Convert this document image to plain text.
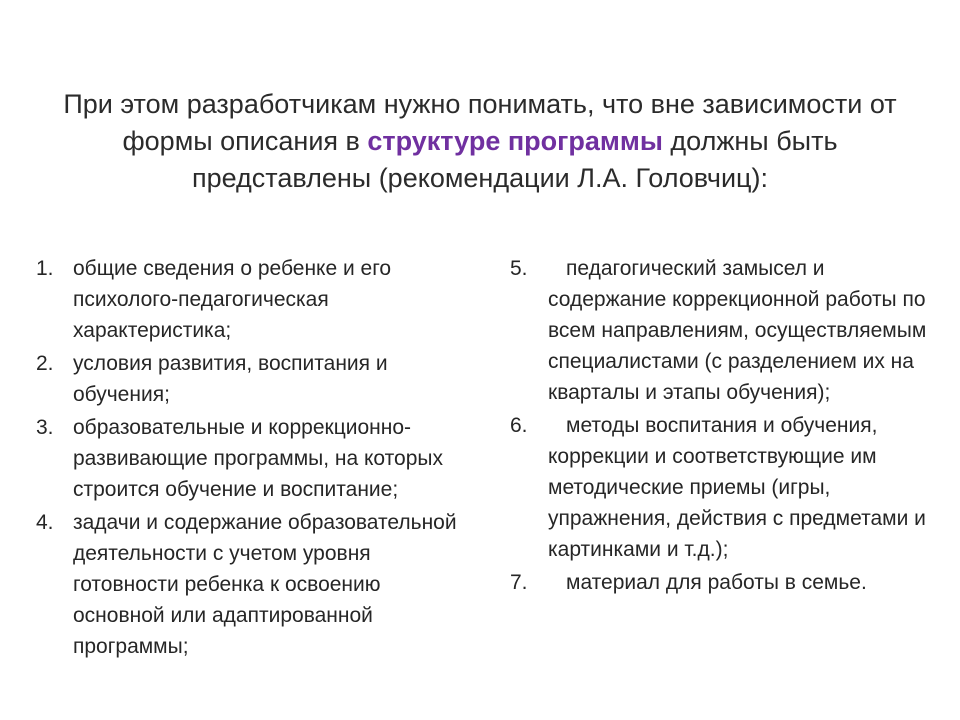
При этом разработчикам нужно понимать, что вне зависимости от формы описания в структуре программы должны быть представлены (рекомендации Л.А. Головчиц):
1. общие сведения о ребенке и его психолого-педагогическая характеристика;
2. условия развития, воспитания и обучения;
3. образовательные и коррекционно-развивающие программы, на которых строится обучение и воспитание;
4. задачи и содержание образовательной деятельности с учетом уровня готовности ребенка к освоению основной или адаптированной программы;
5. педагогический замысел и содержание коррекционной работы по всем направлениям, осуществляемым специалистами (с разделением их на кварталы и этапы обучения);
6. методы воспитания и обучения, коррекции и соответствующие им методические приемы (игры, упражнения, действия с предметами и картинками и т.д.);
7. материал для работы в семье.
